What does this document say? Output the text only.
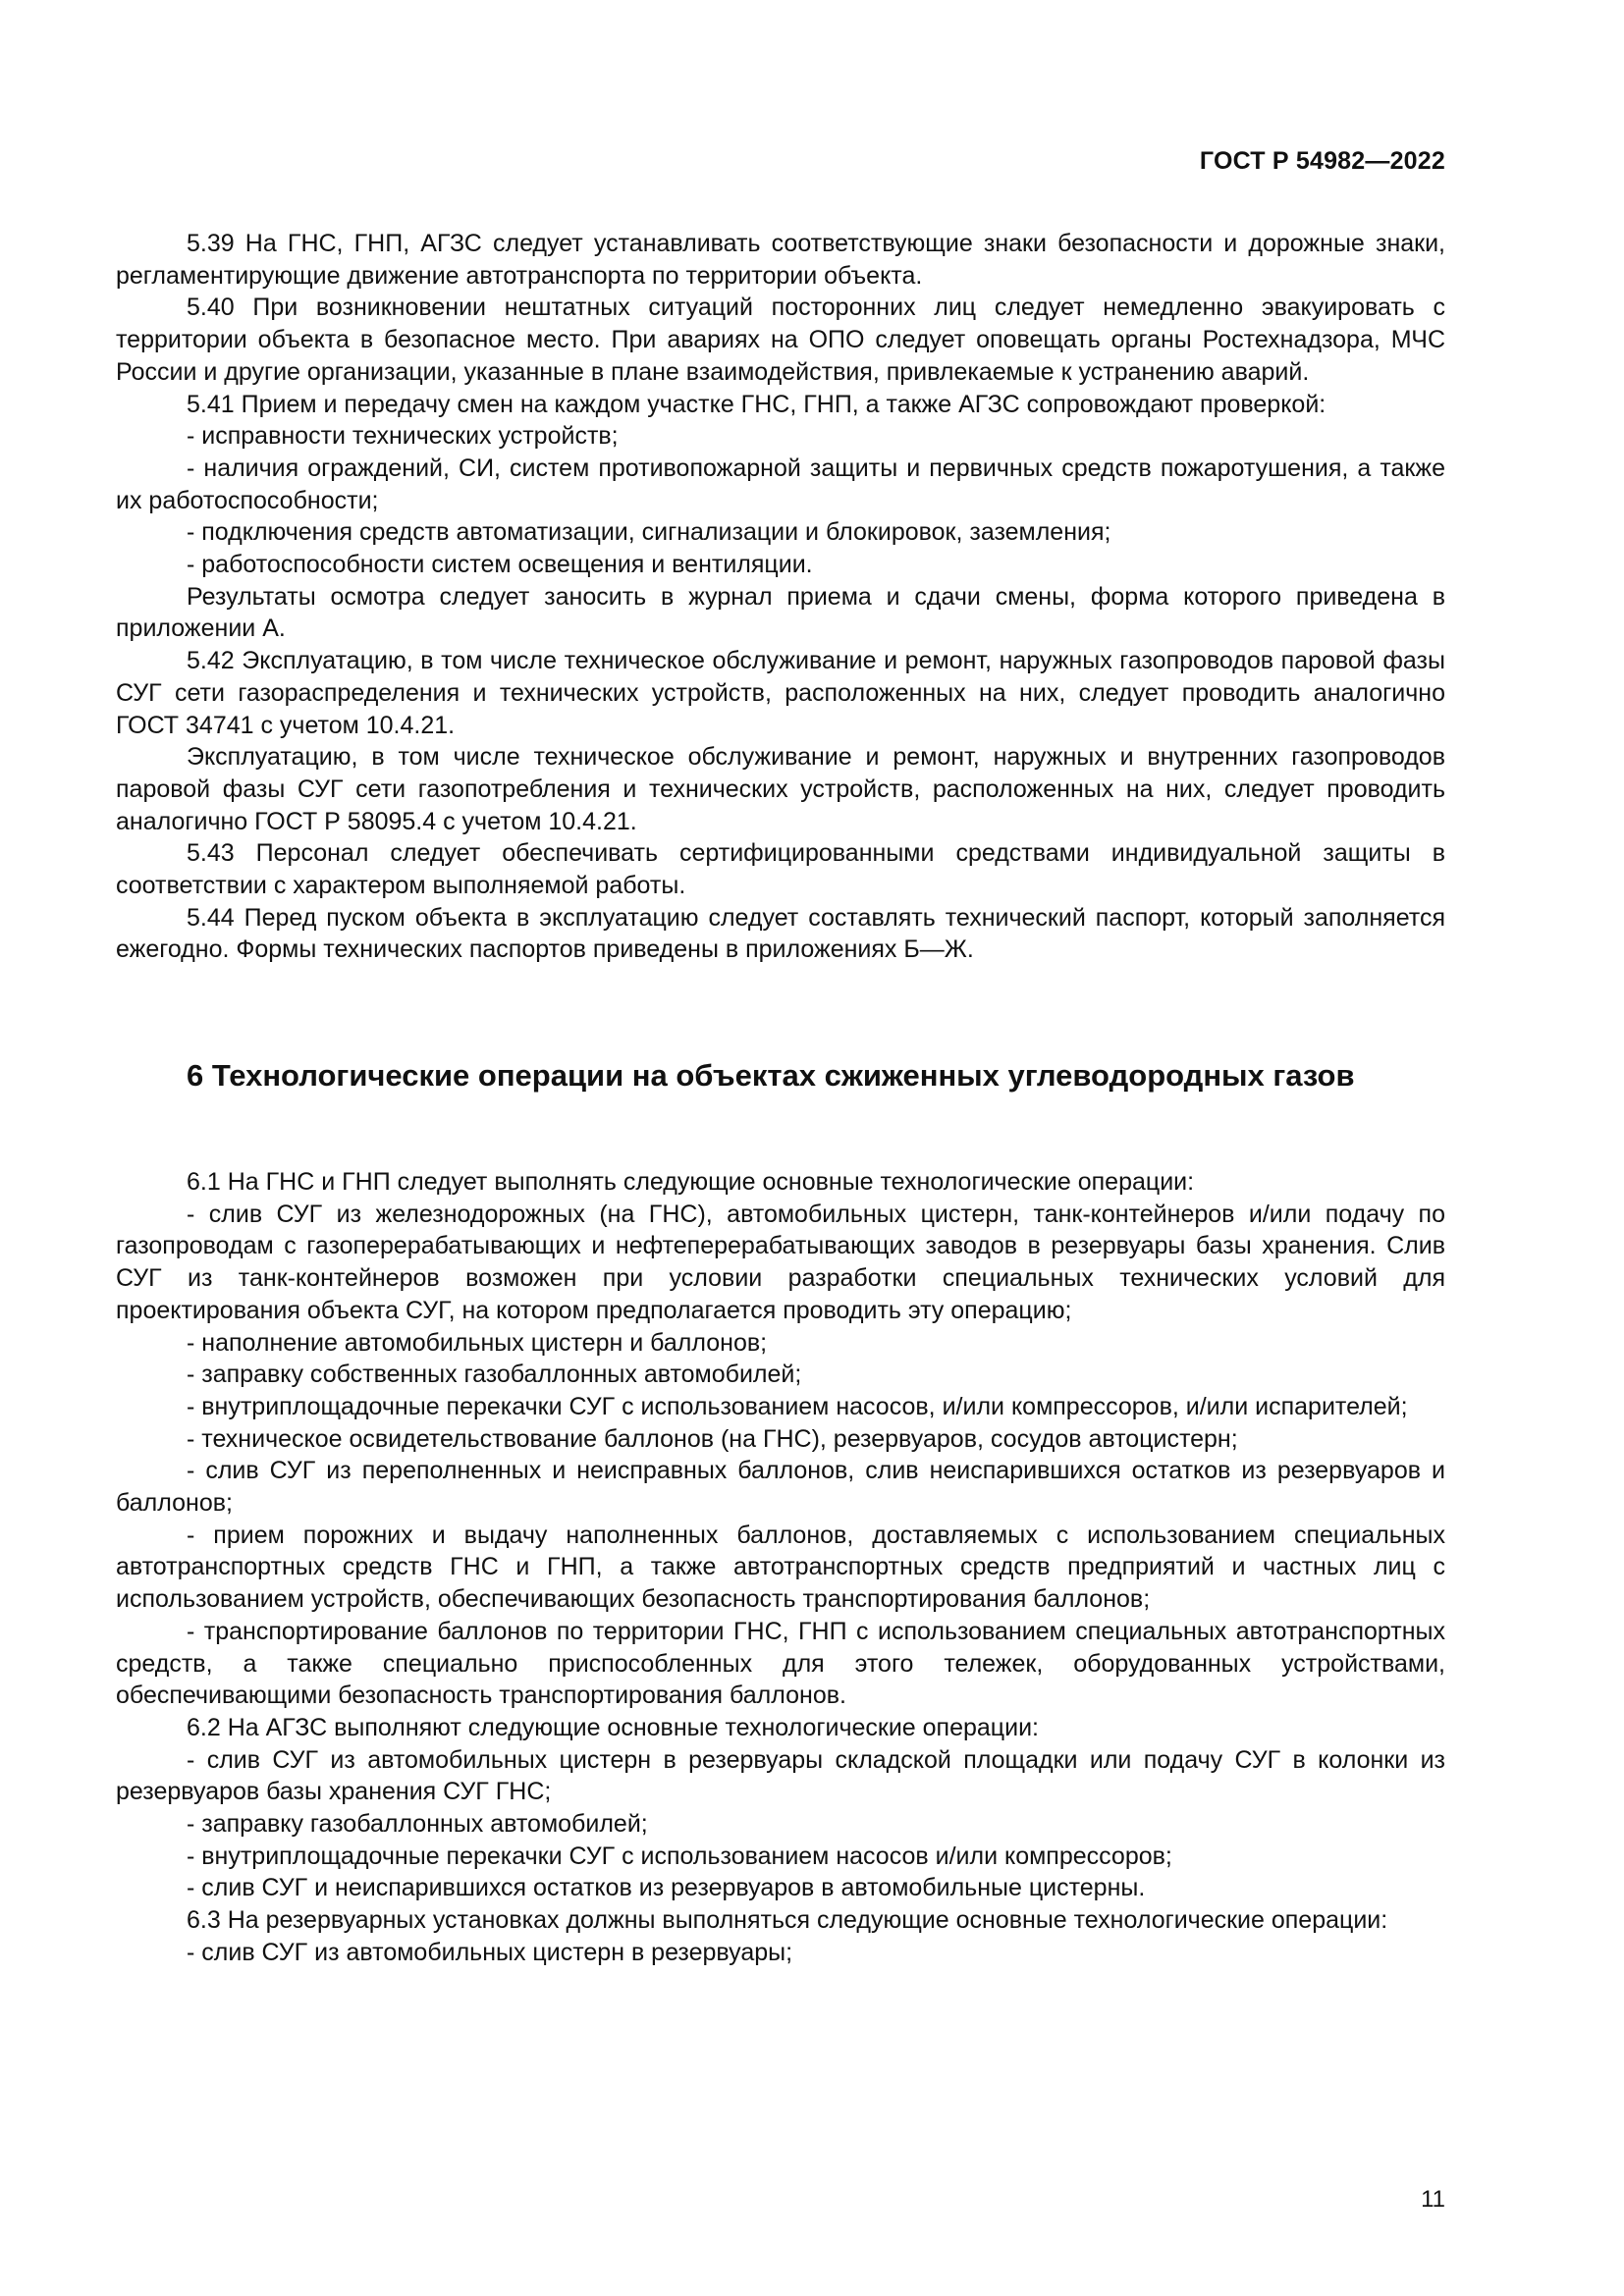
ГОСТ Р 54982—2022

5.39 На ГНС, ГНП, АГЗС следует устанавливать соответствующие знаки безопасности и дорожные знаки, регламентирующие движение автотранспорта по территории объекта.

5.40 При возникновении нештатных ситуаций посторонних лиц следует немедленно эвакуировать с территории объекта в безопасное место. При авариях на ОПО следует оповещать органы Ростехнадзора, МЧС России и другие организации, указанные в плане взаимодействия, привлекаемые к устранению аварий.

5.41 Прием и передачу смен на каждом участке ГНС, ГНП, а также АГЗС сопровождают проверкой:

- исправности технических устройств;

- наличия ограждений, СИ, систем противопожарной защиты и первичных средств пожаротушения, а также их работоспособности;

- подключения средств автоматизации, сигнализации и блокировок, заземления;

- работоспособности систем освещения и вентиляции.

Результаты осмотра следует заносить в журнал приема и сдачи смены, форма которого приведена в приложении А.

5.42 Эксплуатацию, в том числе техническое обслуживание и ремонт, наружных газопроводов паровой фазы СУГ сети газораспределения и технических устройств, расположенных на них, следует проводить аналогично ГОСТ 34741 с учетом 10.4.21.

Эксплуатацию, в том числе техническое обслуживание и ремонт, наружных и внутренних газопроводов паровой фазы СУГ сети газопотребления и технических устройств, расположенных на них, следует проводить аналогично ГОСТ Р 58095.4 с учетом 10.4.21.

5.43 Персонал следует обеспечивать сертифицированными средствами индивидуальной защиты в соответствии с характером выполняемой работы.

5.44 Перед пуском объекта в эксплуатацию следует составлять технический паспорт, который заполняется ежегодно. Формы технических паспортов приведены в приложениях Б—Ж.

6 Технологические операции на объектах сжиженных углеводородных газов

6.1 На ГНС и ГНП следует выполнять следующие основные технологические операции:

- слив СУГ из железнодорожных (на ГНС), автомобильных цистерн, танк-контейнеров и/или подачу по газопроводам с газоперерабатывающих и нефтеперерабатывающих заводов в резервуары базы хранения. Слив СУГ из танк-контейнеров возможен при условии разработки специальных технических условий для проектирования объекта СУГ, на котором предполагается проводить эту операцию;

- наполнение автомобильных цистерн и баллонов;

- заправку собственных газобаллонных автомобилей;

- внутриплощадочные перекачки СУГ с использованием насосов, и/или компрессоров, и/или испарителей;

- техническое освидетельствование баллонов (на ГНС), резервуаров, сосудов автоцистерн;

- слив СУГ из переполненных и неисправных баллонов, слив неиспарившихся остатков из резервуаров и баллонов;

- прием порожних и выдачу наполненных баллонов, доставляемых с использованием специальных автотранспортных средств ГНС и ГНП, а также автотранспортных средств предприятий и частных лиц с использованием устройств, обеспечивающих безопасность транспортирования баллонов;

- транспортирование баллонов по территории ГНС, ГНП с использованием специальных автотранспортных средств, а также специально приспособленных для этого тележек, оборудованных устройствами, обеспечивающими безопасность транспортирования баллонов.

6.2 На АГЗС выполняют следующие основные технологические операции:

- слив СУГ из автомобильных цистерн в резервуары складской площадки или подачу СУГ в колонки из резервуаров базы хранения СУГ ГНС;

- заправку газобаллонных автомобилей;

- внутриплощадочные перекачки СУГ с использованием насосов и/или компрессоров;

- слив СУГ и неиспарившихся остатков из резервуаров в автомобильные цистерны.

6.3 На резервуарных установках должны выполняться следующие основные технологические операции:

- слив СУГ из автомобильных цистерн в резервуары;

11
